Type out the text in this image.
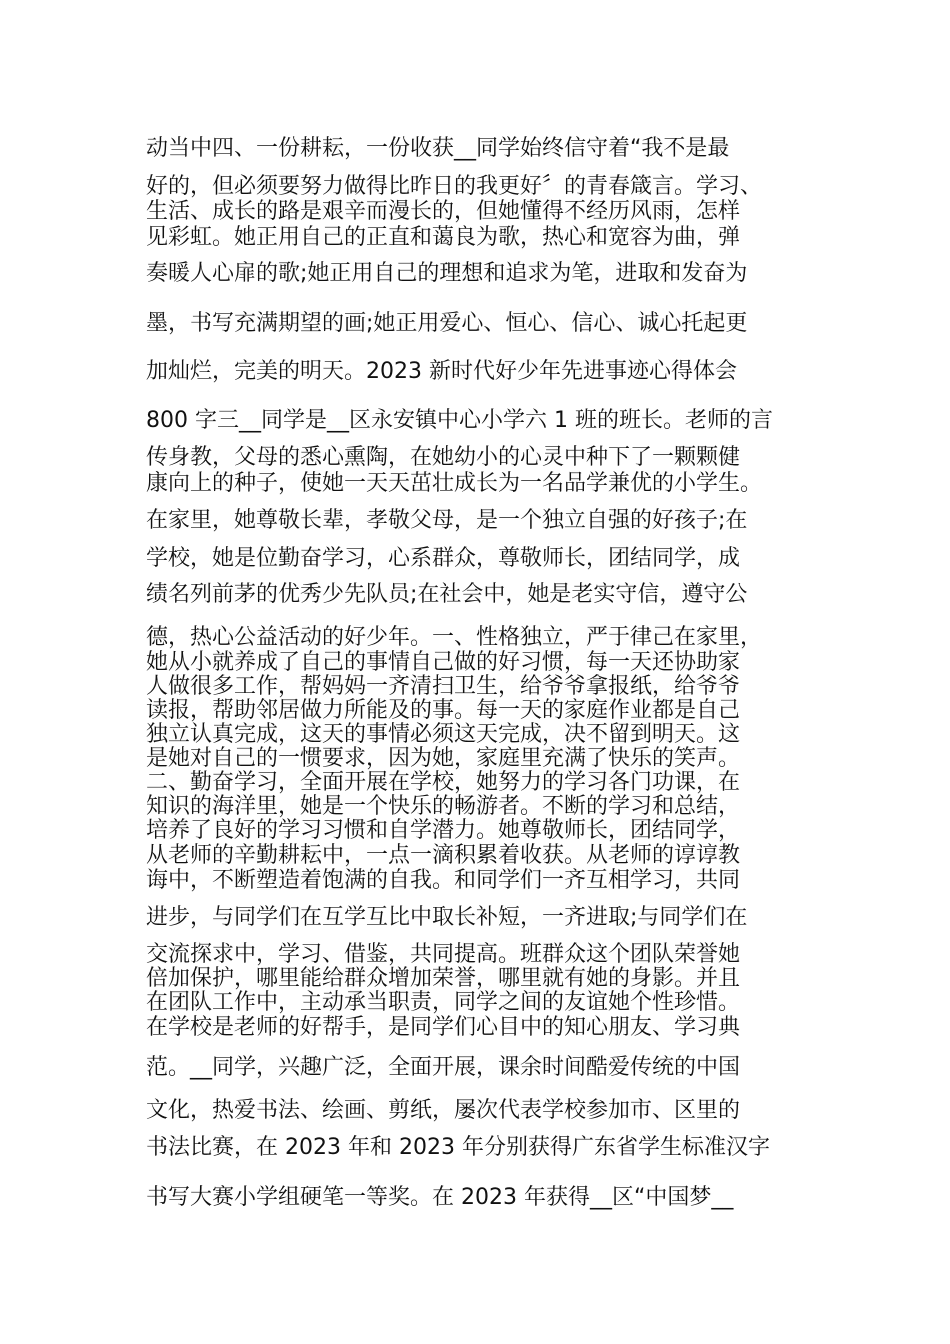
动当中四、一份耕耘，一份收获__同学始终信守着“我不是最

好的，但必须要努力做得比昨日的我更好〞的青春箴言。学习、

生活、成长的路是艰辛而漫长的，但她懂得不经历风雨，怎样

见彩虹。她正用自己的正直和蔼良为歌，热心和宽容为曲，弹

奏暖人心扉的歌;她正用自己的理想和追求为笔，进取和发奋为

墨，书写充满期望的画;她正用爱心、恒心、信心、诚心托起更

加灿烂，完美的明天。2023 新时代好少年先进事迹心得体会

800 字三__同学是__区永安镇中心小学六 1 班的班长。老师的言

传身教，父母的悉心熏陶，在她幼小的心灵中种下了一颗颗健

康向上的种子，使她一天天茁壮成长为一名品学兼优的小学生。

在家里，她尊敬长辈，孝敬父母，是一个独立自强的好孩子;在

学校，她是位勤奋学习，心系群众，尊敬师长，团结同学，成

绩名列前茅的优秀少先队员;在社会中，她是老实守信，遵守公

德，热心公益活动的好少年。一、性格独立，严于律己在家里，

她从小就养成了自己的事情自己做的好习惯，每一天还协助家

人做很多工作，帮妈妈一齐清扫卫生，给爷爷拿报纸，给爷爷

读报，帮助邻居做力所能及的事。每一天的家庭作业都是自己

独立认真完成，这天的事情必须这天完成，决不留到明天。这

是她对自己的一惯要求，因为她，家庭里充满了快乐的笑声。

二、勤奋学习，全面开展在学校，她努力的学习各门功课，在

知识的海洋里，她是一个快乐的畅游者。不断的学习和总结，

培养了良好的学习习惯和自学潜力。她尊敬师长，团结同学，

从老师的辛勤耕耘中，一点一滴积累着收获。从老师的谆谆教

诲中，不断塑造着饱满的自我。和同学们一齐互相学习，共同

进步，与同学们在互学互比中取长补短，一齐进取;与同学们在

交流探求中，学习、借鉴，共同提高。班群众这个团队荣誉她

倍加保护，哪里能给群众增加荣誉，哪里就有她的身影。并且

在团队工作中，主动承当职责，同学之间的友谊她个性珍惜。

在学校是老师的好帮手，是同学们心目中的知心朋友、学习典

范。__同学，兴趣广泛，全面开展，课余时间酷爱传统的中国

文化，热爱书法、绘画、剪纸，屡次代表学校参加市、区里的

书法比赛，在 2023 年和 2023 年分别获得广东省学生标准汉字

书写大赛小学组硬笔一等奖。在 2023 年获得__区“中国梦__
